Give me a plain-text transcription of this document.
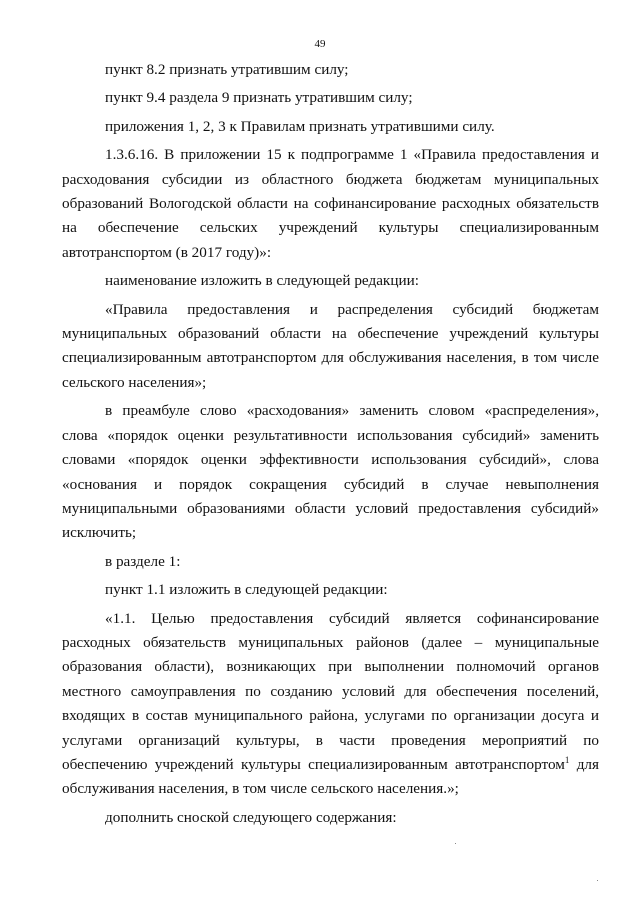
49

пункт 8.2 признать утратившим силу;

пункт 9.4 раздела 9 признать утратившим силу;

приложения 1, 2, 3 к Правилам признать утратившими силу.

1.3.6.16. В приложении 15 к подпрограмме 1 «Правила предоставления и расходования субсидии из областного бюджета бюджетам муниципальных образований Вологодской области на софинансирование расходных обязательств на обеспечение сельских учреждений культуры специализированным автотранспортом (в 2017 году)»:

наименование изложить в следующей редакции:

«Правила предоставления и распределения субсидий бюджетам муниципальных образований области на обеспечение учреждений культуры специализированным автотранспортом для обслуживания населения, в том числе сельского населения»;

в преамбуле слово «расходования» заменить словом «распределения», слова «порядок оценки результативности использования субсидий» заменить словами «порядок оценки эффективности использования субсидий», слова «основания и порядок сокращения субсидий в случае невыполнения муниципальными образованиями области условий предоставления субсидий» исключить;

в разделе 1:

пункт 1.1 изложить в следующей редакции:

«1.1. Целью предоставления субсидий является софинансирование расходных обязательств муниципальных районов (далее – муниципальные образования области), возникающих при выполнении полномочий органов местного самоуправления по созданию условий для обеспечения поселений, входящих в состав муниципального района, услугами по организации досуга и услугами организаций культуры, в части проведения мероприятий по обеспечению учреждений культуры специализированным автотранспортом$^1$ для обслуживания населения, в том числе сельского населения.»;

дополнить сноской следующего содержания:
